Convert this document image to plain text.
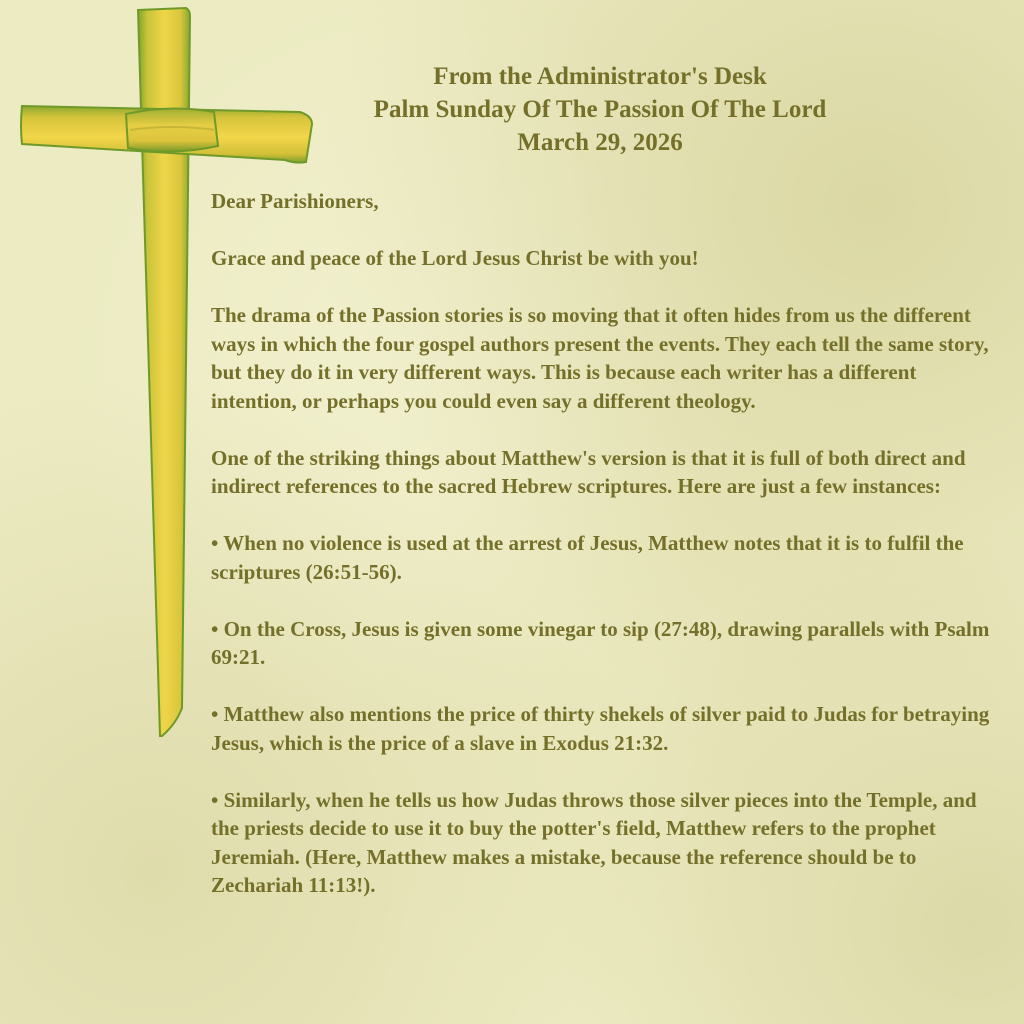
From the Administrator's Desk
Palm Sunday Of The Passion Of The Lord
March 29, 2026

Dear Parishioners,

Grace and peace of the Lord Jesus Christ be with you!

The drama of the Passion stories is so moving that it often hides from us the different ways in which the four gospel authors present the events. They each tell the same story, but they do it in very different ways. This is because each writer has a different intention, or perhaps you could even say a different theology.

One of the striking things about Matthew's version is that it is full of both direct and indirect references to the sacred Hebrew scriptures. Here are just a few instances:

• When no violence is used at the arrest of Jesus, Matthew notes that it is to fulfil the scriptures (26:51-56).

• On the Cross, Jesus is given some vinegar to sip (27:48), drawing parallels with Psalm 69:21.

• Matthew also mentions the price of thirty shekels of silver paid to Judas for betraying Jesus, which is the price of a slave in Exodus 21:32.

• Similarly, when he tells us how Judas throws those silver pieces into the Temple, and the priests decide to use it to buy the potter's field, Matthew refers to the prophet Jeremiah. (Here, Matthew makes a mistake, because the reference should be to Zechariah 11:13!).
